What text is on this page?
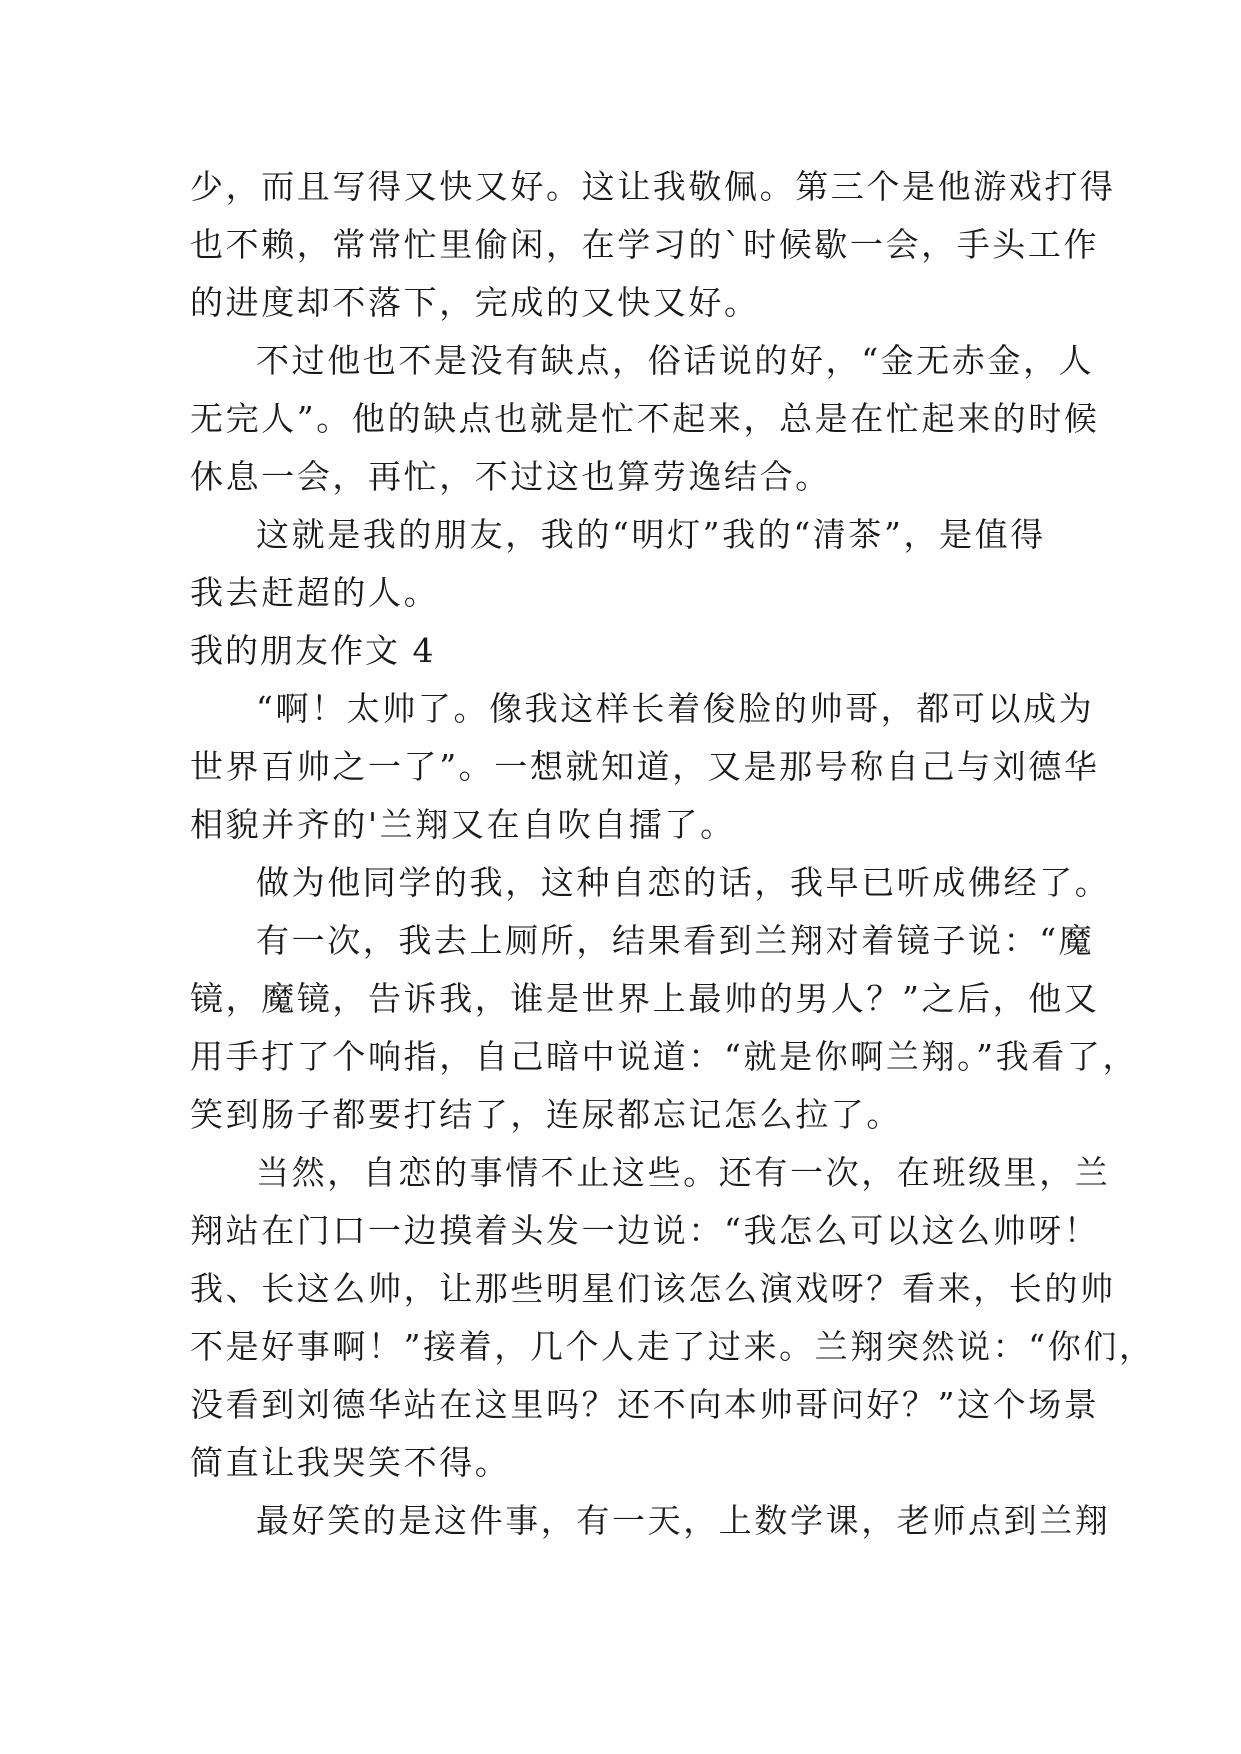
少，而且写得又快又好。这让我敬佩。第三个是他游戏打得
也不赖，常常忙里偷闲，在学习的`时候歇一会，手头工作
的进度却不落下，完成的又快又好。
不过他也不是没有缺点，俗话说的好，“金无赤金，人
无完人”。他的缺点也就是忙不起来，总是在忙起来的时候
休息一会，再忙，不过这也算劳逸结合。
这就是我的朋友，我的“明灯”我的“清茶”，是值得
我去赶超的人。
我的朋友作文 4
“啊！太帅了。像我这样长着俊脸的帅哥，都可以成为
世界百帅之一了”。一想就知道，又是那号称自己与刘德华
相貌并齐的'兰翔又在自吹自擂了。
做为他同学的我，这种自恋的话，我早已听成佛经了。
有一次，我去上厕所，结果看到兰翔对着镜子说：“魔
镜，魔镜，告诉我，谁是世界上最帅的男人？”之后，他又
用手打了个响指，自己暗中说道：“就是你啊兰翔。”我看了，
笑到肠子都要打结了，连尿都忘记怎么拉了。
当然，自恋的事情不止这些。还有一次，在班级里，兰
翔站在门口一边摸着头发一边说：“我怎么可以这么帅呀！
我、长这么帅，让那些明星们该怎么演戏呀？看来，长的帅
不是好事啊！”接着，几个人走了过来。兰翔突然说：“你们，
没看到刘德华站在这里吗？还不向本帅哥问好？”这个场景
简直让我哭笑不得。
最好笑的是这件事，有一天，上数学课，老师点到兰翔
